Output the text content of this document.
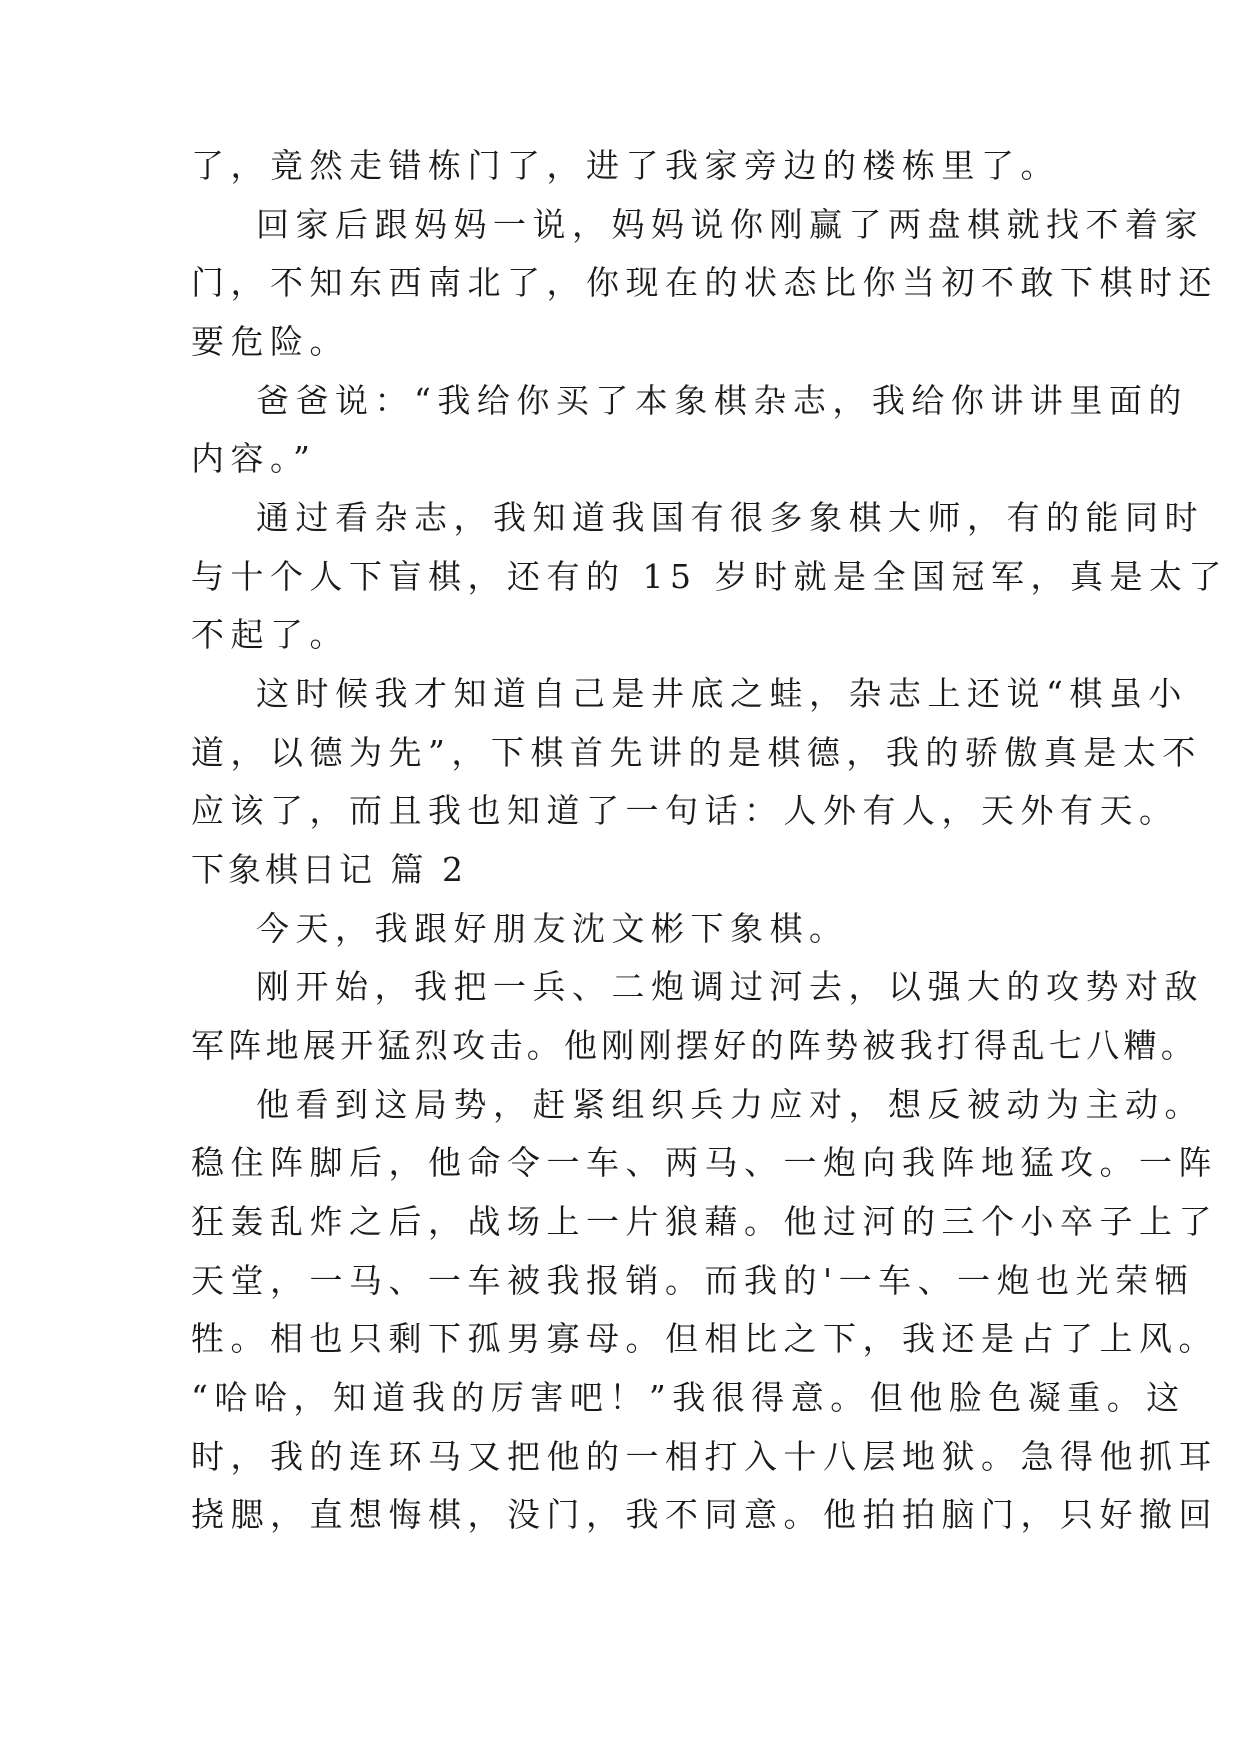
了，竟然走错栋门了，进了我家旁边的楼栋里了。
回家后跟妈妈一说，妈妈说你刚赢了两盘棋就找不着家
门，不知东西南北了，你现在的状态比你当初不敢下棋时还
要危险。
爸爸说：“我给你买了本象棋杂志，我给你讲讲里面的
内容。”
通过看杂志，我知道我国有很多象棋大师，有的能同时
与十个人下盲棋，还有的 15 岁时就是全国冠军，真是太了
不起了。
这时候我才知道自己是井底之蛙，杂志上还说“棋虽小
道，以德为先”，下棋首先讲的是棋德，我的骄傲真是太不
应该了，而且我也知道了一句话：人外有人，天外有天。
下象棋日记 篇 2
今天，我跟好朋友沈文彬下象棋。
刚开始，我把一兵、二炮调过河去，以强大的攻势对敌
军阵地展开猛烈攻击。他刚刚摆好的阵势被我打得乱七八糟。
他看到这局势，赶紧组织兵力应对，想反被动为主动。
稳住阵脚后，他命令一车、两马、一炮向我阵地猛攻。一阵
狂轰乱炸之后，战场上一片狼藉。他过河的三个小卒子上了
天堂，一马、一车被我报销。而我的'一车、一炮也光荣牺
牲。相也只剩下孤男寡母。但相比之下，我还是占了上风。
“哈哈，知道我的厉害吧！”我很得意。但他脸色凝重。这
时，我的连环马又把他的一相打入十八层地狱。急得他抓耳
挠腮，直想悔棋，没门，我不同意。他拍拍脑门，只好撤回
